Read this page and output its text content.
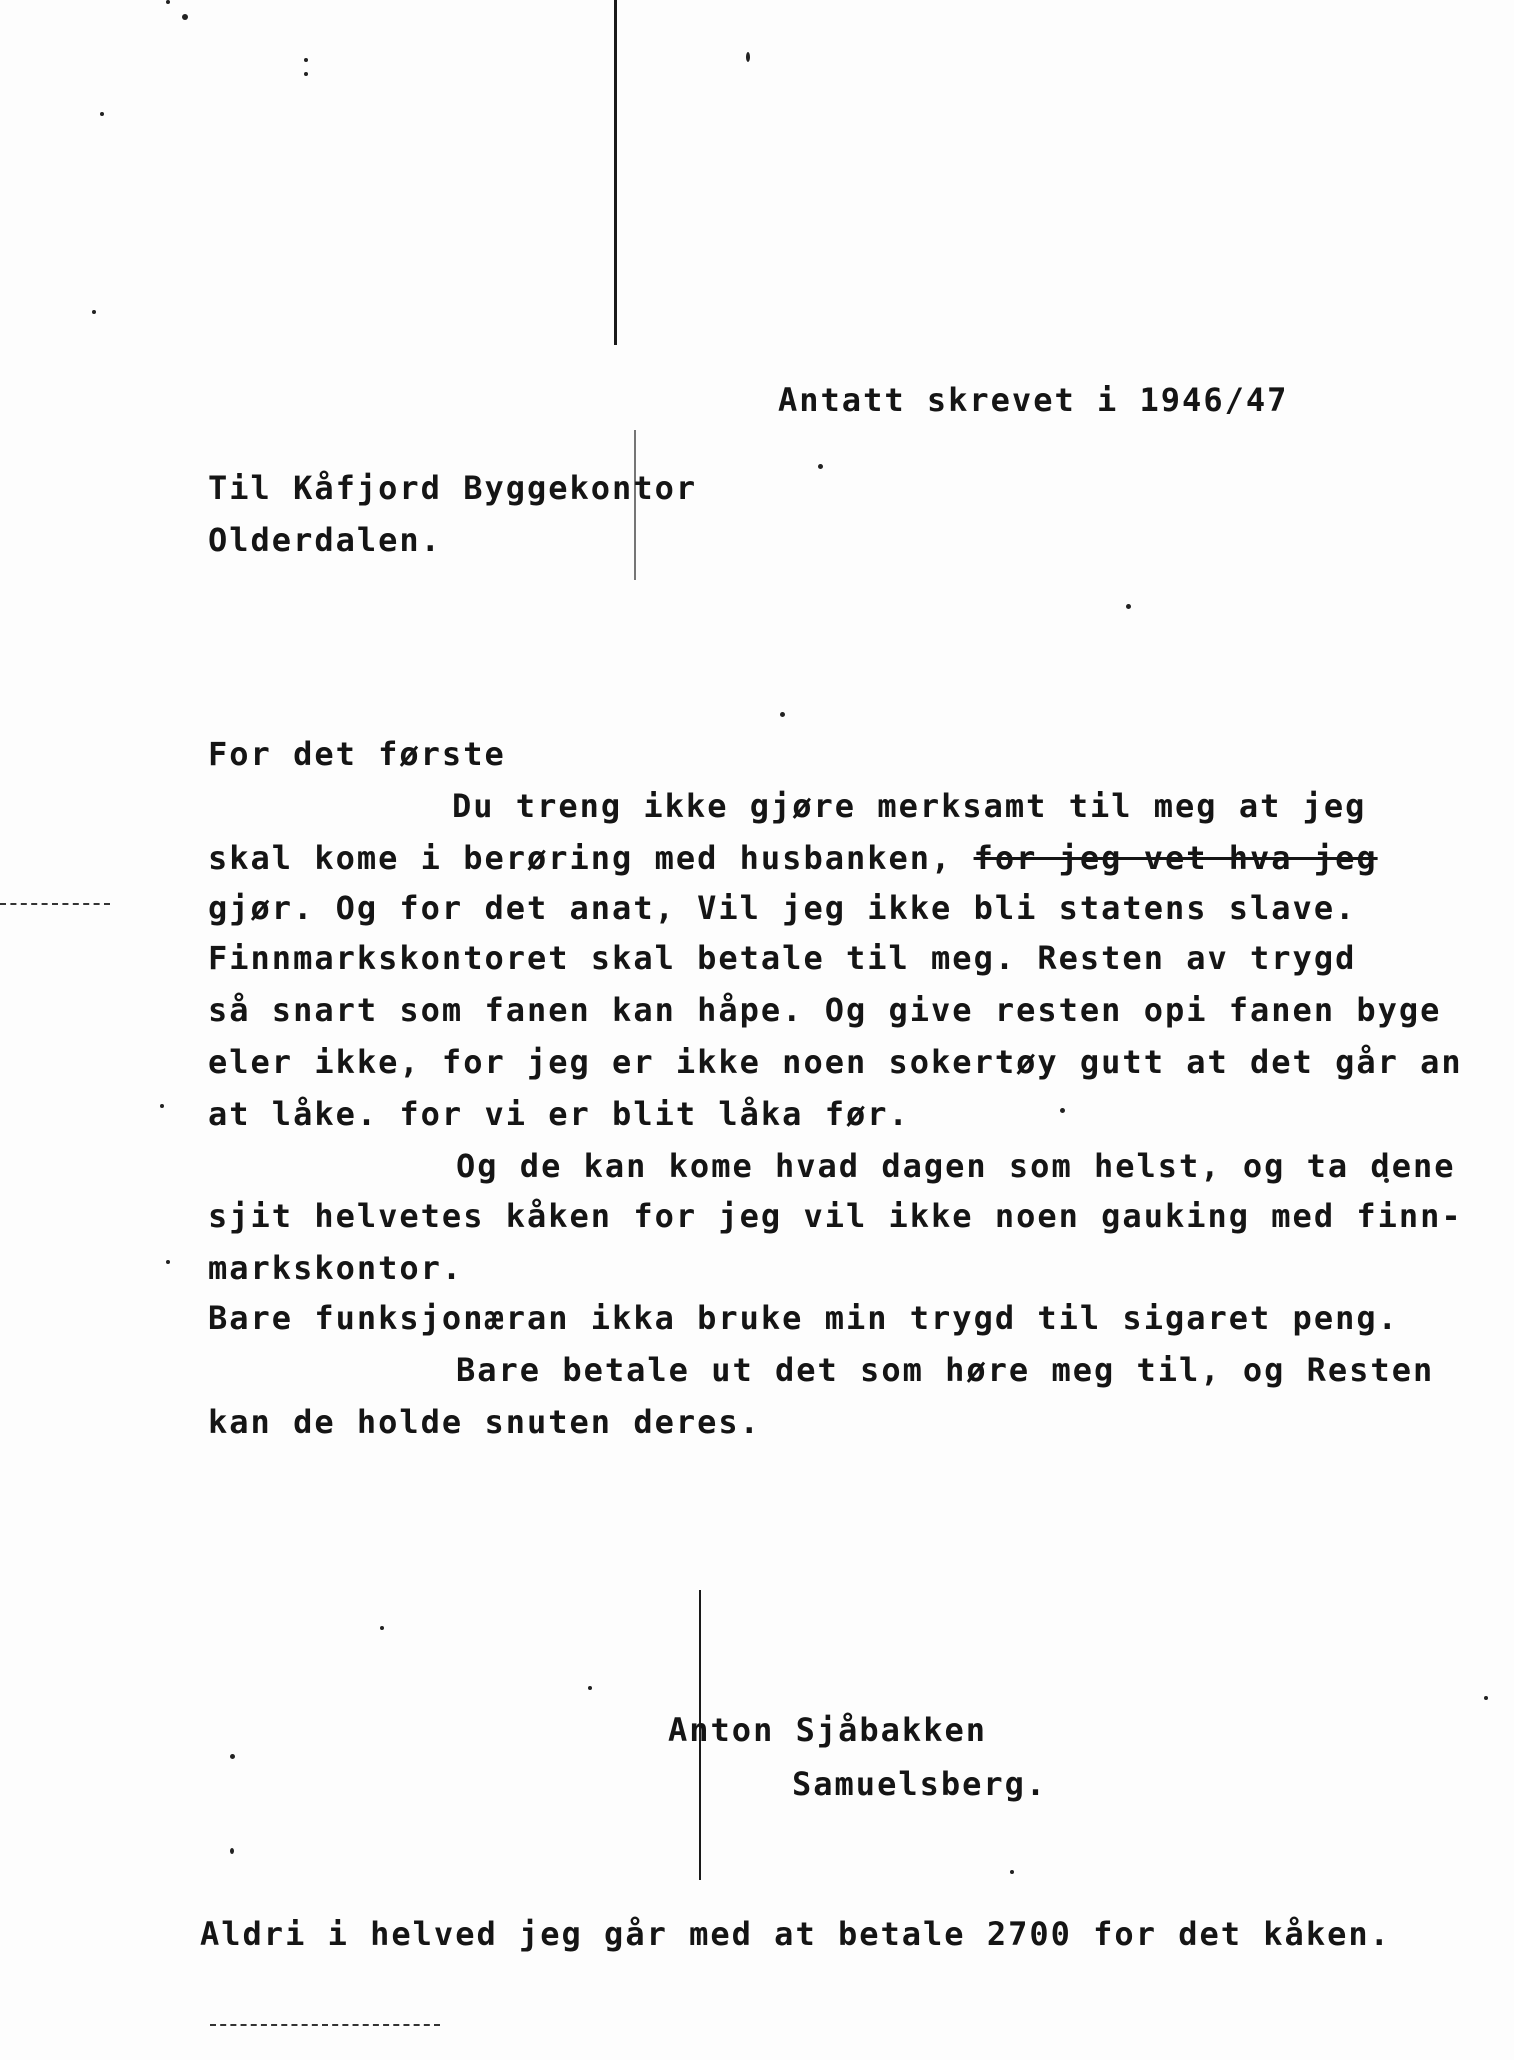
Antatt skrevet i 1946/47
Til Kåfjord Byggekontor
Olderdalen.
For det første
Du treng ikke gjøre merksamt til meg at jeg
skal kome i berøring med husbanken, for jeg vet hva jeg
gjør. Og for det anat, Vil jeg ikke bli statens slave.
Finnmarkskontoret skal betale til meg. Resten av trygd
så snart som fanen kan håpe. Og give resten opi fanen byge
eler ikke, for jeg er ikke noen sokertøy gutt at det går an
at låke. for vi er blit låka før.
Og de kan kome hvad dagen som helst, og ta dene
sjit helvetes kåken for jeg vil ikke noen gauking med finn-
markskontor.
Bare funksjonæran ikka bruke min trygd til sigaret peng.
Bare betale ut det som høre meg til, og Resten
kan de holde snuten deres.
Anton Sjåbakken
Samuelsberg.
Aldri i helved jeg går med at betale 2700 for det kåken.
